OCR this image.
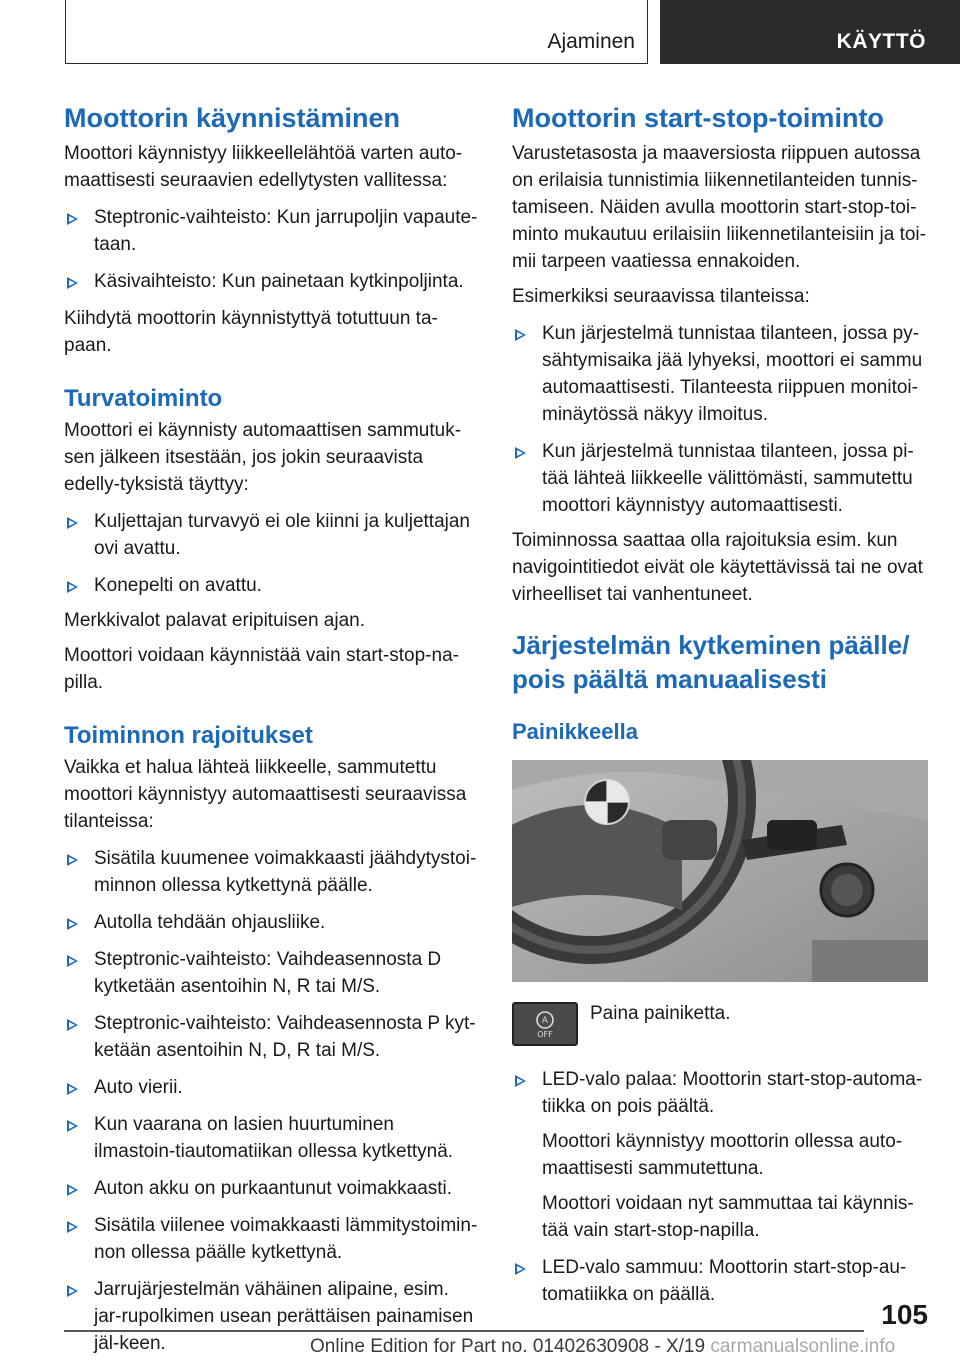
Ajaminen	KÄYTTÖ
Moottorin käynnistäminen

Moottori käynnistyy liikkeellelähtöä varten auto-maattisesti seuraavien edellytysten vallitessa:

Steptronic-vaihteisto: Kun jarrupoljin vapaute-taan.
Käsivaihteisto: Kun painetaan kytkinpoljinta.

Kiihdytä moottorin käynnistyttyä totuttuun ta-paan.

Turvatoiminto

Moottori ei käynnisty automaattisen sammutuk-sen jälkeen itsestään, jos jokin seuraavista edelly-tyksistä täyttyy:

Kuljettajan turvavyö ei ole kiinni ja kuljettajan ovi avattu.
Konepelti on avattu.

Merkkivalot palavat eripituisen ajan.

Moottori voidaan käynnistää vain start-stop-na-pilla.

Toiminnon rajoitukset

Vaikka et halua lähteä liikkeelle, sammutettu moottori käynnistyy automaattisesti seuraavissa tilanteissa:

Sisätila kuumenee voimakkaasti jäähdytystoi-minnon ollessa kytkettynä päälle.
Autolla tehdään ohjausliike.
Steptronic-vaihteisto: Vaihdeasennosta D kytketään asentoihin N, R tai M/S.
Steptronic-vaihteisto: Vaihdeasennosta P kyt-ketään asentoihin N, D, R tai M/S.
Auto vierii.
Kun vaarana on lasien huurtuminen ilmastoin-tiautomatiikan ollessa kytkettynä.
Auton akku on purkaantunut voimakkaasti.
Sisätila viilenee voimakkaasti lämmitystoimin-non ollessa päälle kytkettynä.
Jarrujärjestelmän vähäinen alipaine, esim. jar-rupolkimen usean perättäisen painamisen jäl-keen.
Moottorin start-stop-toiminto

Varustetasosta ja maaversiosta riippuen autossa on erilaisia tunnistimia liikennetilanteiden tunnis-tamiseen. Näiden avulla moottorin start-stop-toi-minto mukautuu erilaisiin liikennetilanteisiin ja toi-mii tarpeen vaatiessa ennakoiden.

Esimerkiksi seuraavissa tilanteissa:

Kun järjestelmä tunnistaa tilanteen, jossa py-sähtymisaika jää lyhyeksi, moottori ei sammu automaattisesti. Tilanteesta riippuen monitoi-minäytössä näkyy ilmoitus.
Kun järjestelmä tunnistaa tilanteen, jossa pi-tää lähteä liikkeelle välittömästi, sammutettu moottori käynnistyy automaattisesti.

Toiminnossa saattaa olla rajoituksia esim. kun navigointitiedot eivät ole käytettävissä tai ne ovat virheelliset tai vanhentuneet.

Järjestelmän kytkeminen päälle/ pois päältä manuaalisesti
Painikkeella
A
OFF

Paina painiketta.

LED-valo palaa: Moottorin start-stop-automa-tiikka on pois päältä.

Moottori käynnistyy moottorin ollessa auto-maattisesti sammutettuna.

Moottori voidaan nyt sammuttaa tai käynnis-tää vain start-stop-napilla.

LED-valo sammuu: Moottorin start-stop-au-tomatiikka on päällä.
105
Online Edition for Part no. 01402630908 - X/19 carmanualsonline.info
